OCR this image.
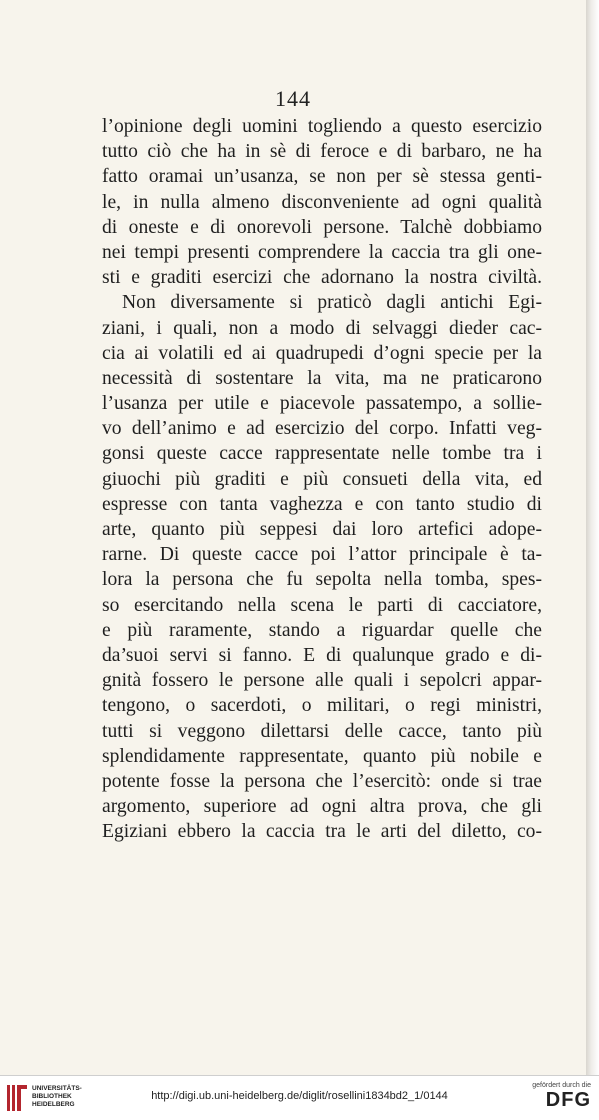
144
l’opinione degli uomini togliendo a questo esercizio
tutto ciò che ha in sè di feroce e di barbaro, ne ha
fatto oramai un’usanza, se non per sè stessa genti-
le, in nulla almeno disconveniente ad ogni qualità
di oneste e di onorevoli persone. Talchè dobbiamo
nei tempi presenti comprendere la caccia tra gli one-
sti e graditi esercizi che adornano la nostra civiltà.
Non diversamente si praticò dagli antichi Egi-
ziani, i quali, non a modo di selvaggi dieder cac-
cia ai volatili ed ai quadrupedi d’ogni specie per la
necessità di sostentare la vita, ma ne praticarono
l’usanza per utile e piacevole passatempo, a sollie-
vo dell’animo e ad esercizio del corpo. Infatti veg-
gonsi queste cacce rappresentate nelle tombe tra i
giuochi più graditi e più consueti della vita, ed
espresse con tanta vaghezza e con tanto studio di
arte, quanto più seppesi dai loro artefici adope-
rarne. Di queste cacce poi l’attor principale è ta-
lora la persona che fu sepolta nella tomba, spes-
so esercitando nella scena le parti di cacciatore,
e più raramente, stando a riguardar quelle che
da’suoi servi si fanno. E di qualunque grado e di-
gnità fossero le persone alle quali i sepolcri appar-
tengono, o sacerdoti, o militari, o regi ministri,
tutti si veggono dilettarsi delle cacce, tanto più
splendidamente rappresentate, quanto più nobile e
potente fosse la persona che l’esercitò: onde si trae
argomento, superiore ad ogni altra prova, che gli
Egiziani ebbero la caccia tra le arti del diletto, co-
UNIVERSITÄTS-
BIBLIOTHEK
HEIDELBERG
http://digi.ub.uni-heidelberg.de/diglit/rosellini1834bd2_1/0144
gefördert durch die
DFG
